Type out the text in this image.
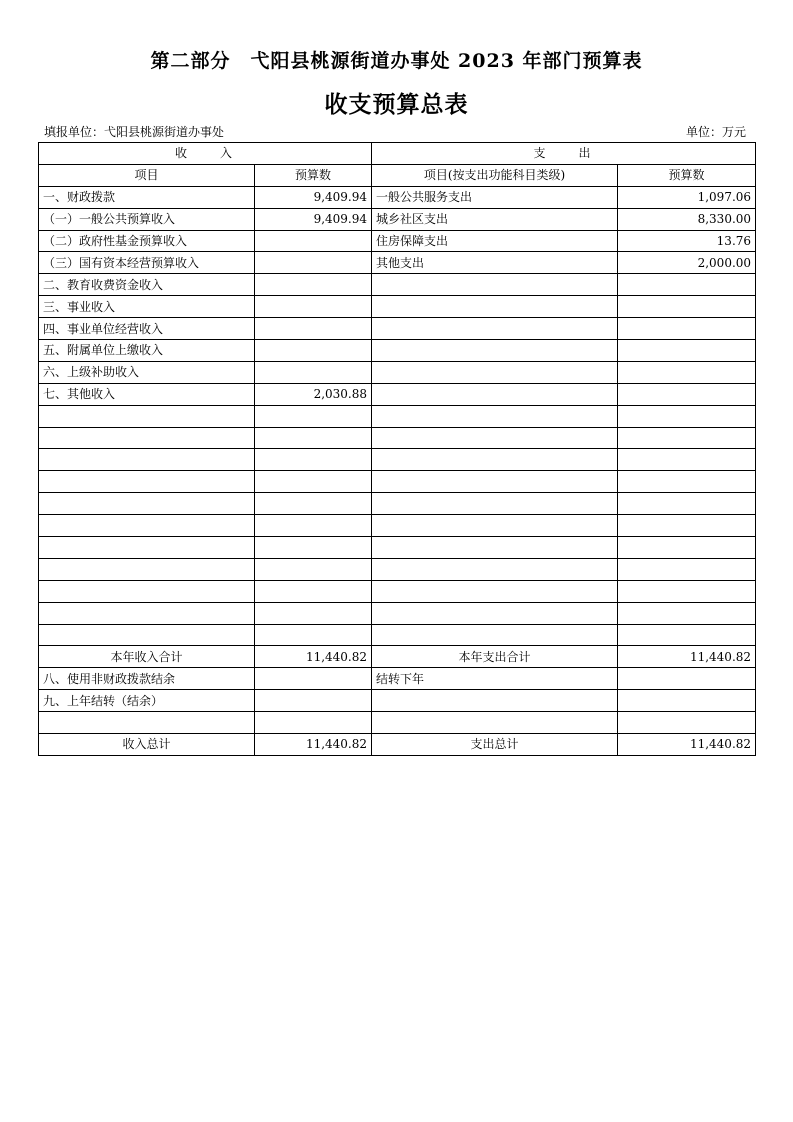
第二部分　弋阳县桃源街道办事处 2023 年部门预算表
收支预算总表
填报单位：弋阳县桃源街道办事处	单位：万元
收　　入		支　　出	
项目	预算数	项目(按支出功能科目类级)	预算数
一、财政拨款	9,409.94	一般公共服务支出	1,097.06
（一）一般公共预算收入	9,409.94	城乡社区支出	8,330.00
（二）政府性基金预算收入		住房保障支出	13.76
（三）国有资本经营预算收入		其他支出	2,000.00
二、教育收费资金收入			
三、事业收入			
四、事业单位经营收入			
五、附属单位上缴收入			
六、上级补助收入			
七、其他收入	2,030.88		

本年收入合计	11,440.82	本年支出合计	11,440.82
八、使用非财政拨款结余		结转下年	
九、上年结转（结余）			

收入总计	11,440.82	支出总计	11,440.82
